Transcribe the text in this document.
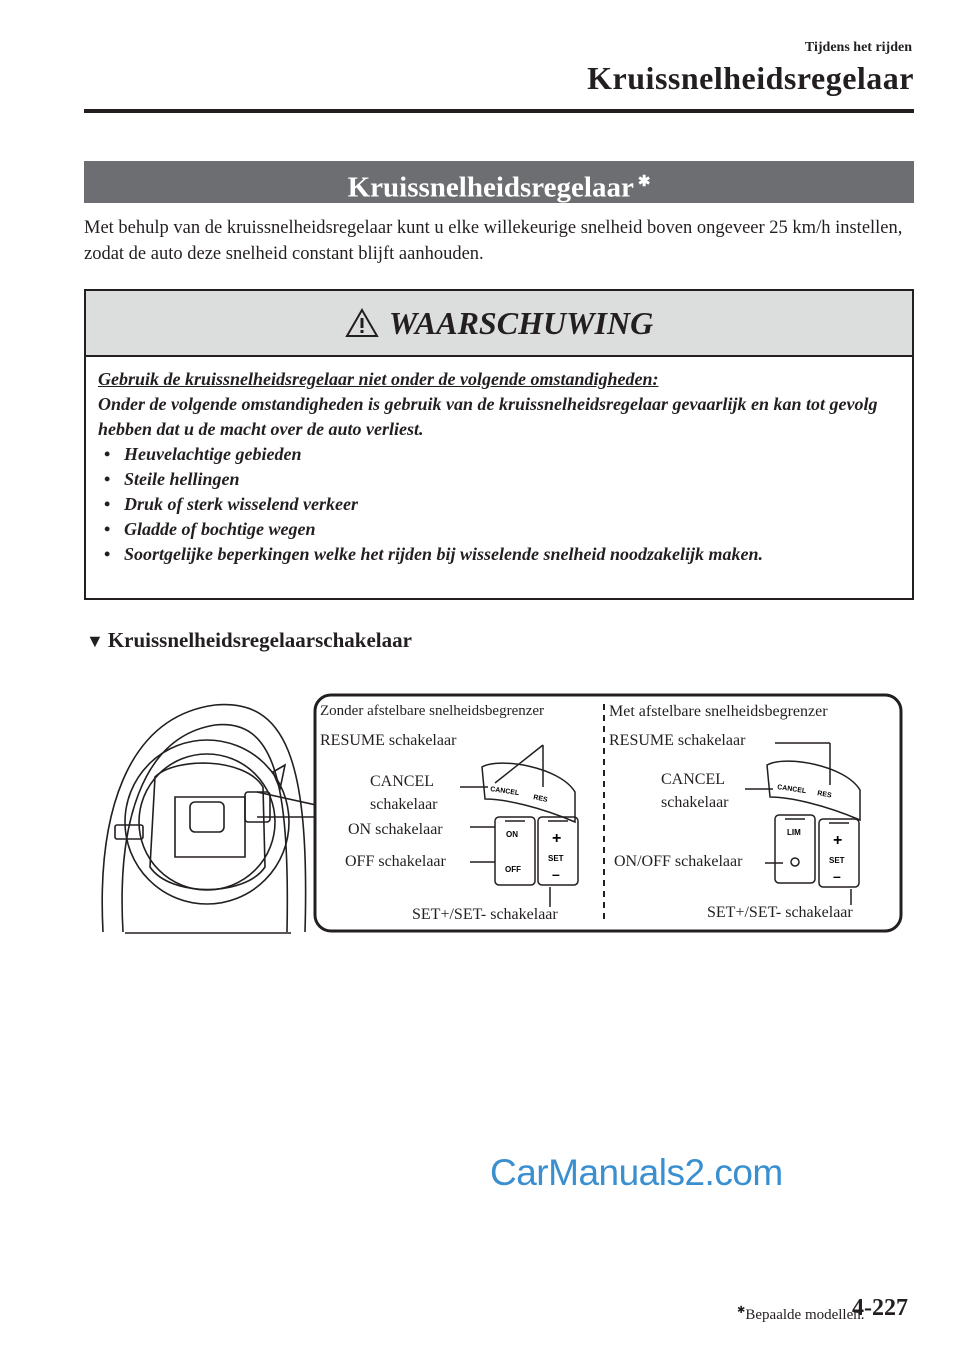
Tijdens het rijden
Kruissnelheidsregelaar
Kruissnelheidsregelaar ✱
Met behulp van de kruissnelheidsregelaar kunt u elke willekeurige snelheid boven ongeveer 25 km/h instellen, zodat de auto deze snelheid constant blijft aanhouden.
WAARSCHUWING
Gebruik de kruissnelheidsregelaar niet onder de volgende omstandigheden:
Onder de volgende omstandigheden is gebruik van de kruissnelheidsregelaar gevaarlijk en kan tot gevolg hebben dat u de macht over de auto verliest.
• Heuvelachtige gebieden
• Steile hellingen
• Druk of sterk wisselend verkeer
• Gladde of bochtige wegen
• Soortgelijke beperkingen welke het rijden bij wisselende snelheid noodzakelijk maken.
▼ Kruissnelheidsregelaarschakelaar
Zonder afstelbare snelheidsbegrenzer
RESUME schakelaar
CANCEL
schakelaar
ON schakelaar
OFF schakelaar
SET+/SET- schakelaar
CANCEL
RES
ON
OFF
+
SET
–
Met afstelbare snelheidsbegrenzer
RESUME schakelaar
CANCEL
schakelaar
ON/OFF schakelaar
SET+/SET- schakelaar
CANCEL RES
LIM +
SET
–
CarManuals2.com
✱Bepaalde modellen.
4-227
